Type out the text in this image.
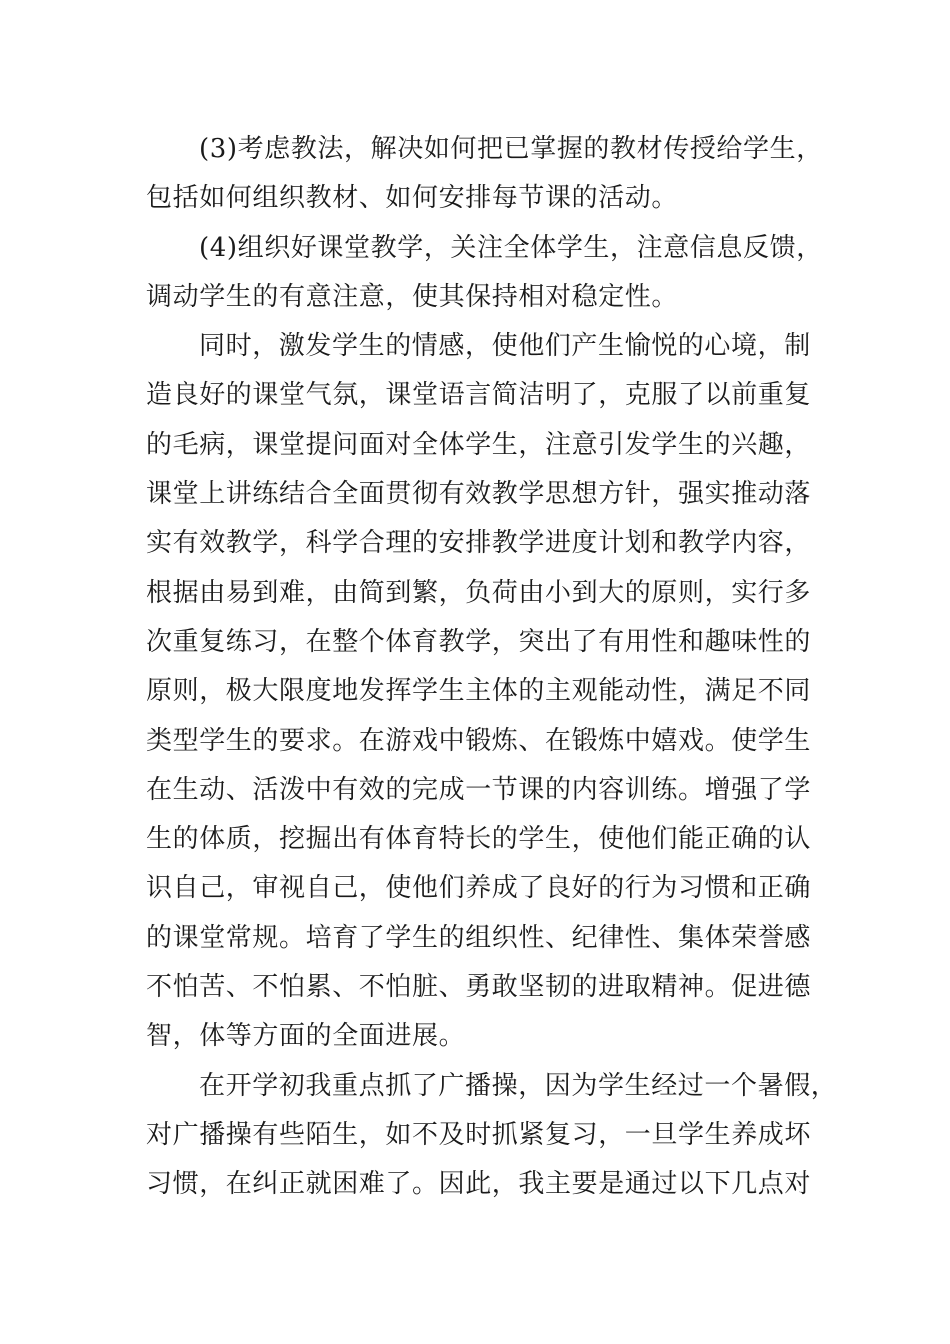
(3)考虑教法，解决如何把已掌握的教材传授给学生，
包括如何组织教材、如何安排每节课的活动。
(4)组织好课堂教学，关注全体学生，注意信息反馈，
调动学生的有意注意，使其保持相对稳定性。
同时，激发学生的情感，使他们产生愉悦的心境，制
造良好的课堂气氛，课堂语言简洁明了，克服了以前重复
的毛病，课堂提问面对全体学生，注意引发学生的兴趣，
课堂上讲练结合全面贯彻有效教学思想方针，强实推动落
实有效教学，科学合理的安排教学进度计划和教学内容，
根据由易到难，由简到繁，负荷由小到大的原则，实行多
次重复练习，在整个体育教学，突出了有用性和趣味性的
原则，极大限度地发挥学生主体的主观能动性，满足不同
类型学生的要求。在游戏中锻炼、在锻炼中嬉戏。使学生
在生动、活泼中有效的完成一节课的内容训练。增强了学
生的体质，挖掘出有体育特长的学生，使他们能正确的认
识自己，审视自己，使他们养成了良好的行为习惯和正确
的课堂常规。培育了学生的组织性、纪律性、集体荣誉感
不怕苦、不怕累、不怕脏、勇敢坚韧的进取精神。促进德
智，体等方面的全面进展。
在开学初我重点抓了广播操，因为学生经过一个暑假，
对广播操有些陌生，如不及时抓紧复习，一旦学生养成坏
习惯，在纠正就困难了。因此，我主要是通过以下几点对
